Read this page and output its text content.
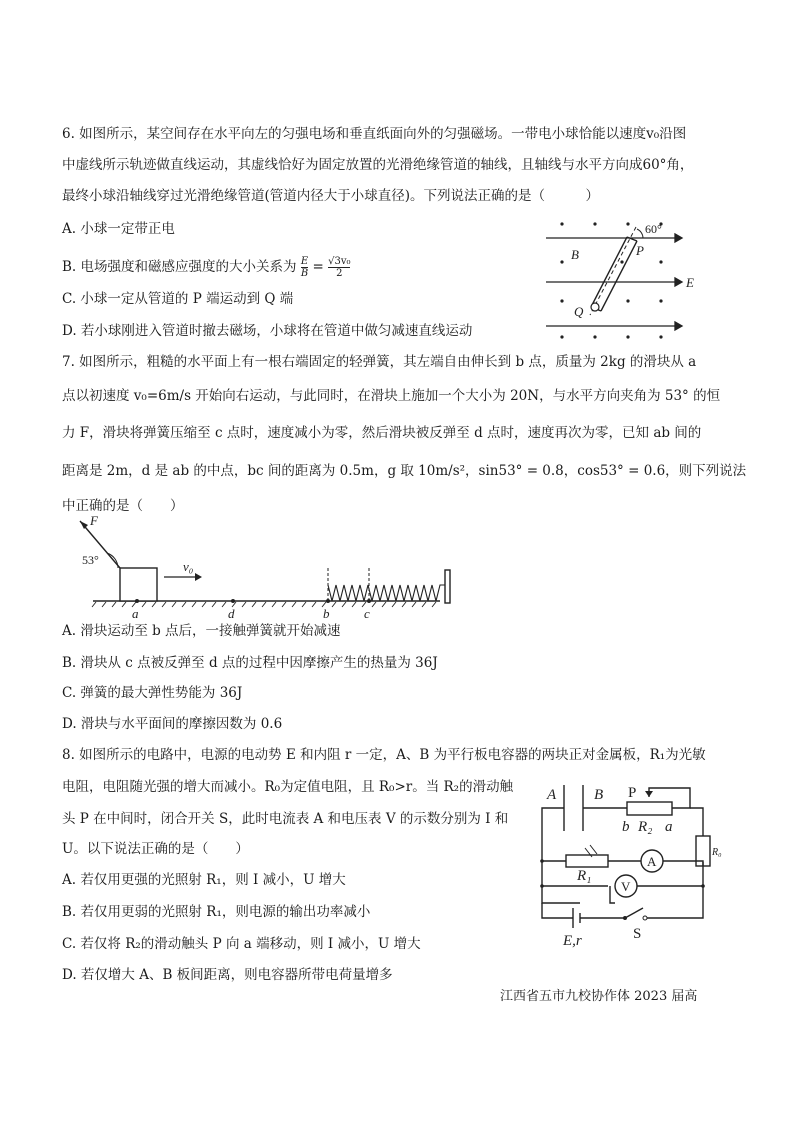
6. 如图所示，某空间存在水平向左的匀强电场和垂直纸面向外的匀强磁场。一带电小球恰能以速度v₀沿图
中虚线所示轨迹做直线运动，其虚线恰好为固定放置的光滑绝缘管道的轴线，且轴线与水平方向成60°角，
最终小球沿轴线穿过光滑绝缘管道(管道内径大于小球直径)。下列说法正确的是（　　　）
A. 小球一定带正电
B. 电场强度和磁感应强度的大小关系为 $\frac{E}{B} = \frac{\text{√3v₀}}{2}$
C. 小球一定从管道的 P 端运动到 Q 端
D. 若小球刚进入管道时撤去磁场，小球将在管道中做匀减速直线运动
60°
B	P
E
Q
7. 如图所示，粗糙的水平面上有一根右端固定的轻弹簧，其左端自由伸长到 b 点，质量为 2kg 的滑块从 a
点以初速度 v₀=6m/s 开始向右运动，与此同时，在滑块上施加一个大小为 20N，与水平方向夹角为 53° 的恒
力 F，滑块将弹簧压缩至 c 点时，速度减小为零，然后滑块被反弹至 d 点时，速度再次为零，已知 ab 间的
距离是 2m，d 是 ab 的中点，bc 间的距离为 0.5m，g 取 10m/s²，sin53° = 0.8，cos53° = 0.6，则下列说法
中正确的是（　　）
F
53°	v₀
a	d	b	c
A. 滑块运动至 b 点后，一接触弹簧就开始减速
B. 滑块从 c 点被反弹至 d 点的过程中因摩擦产生的热量为 36J
C. 弹簧的最大弹性势能为 36J
D. 滑块与水平面间的摩擦因数为 0.6
8. 如图所示的电路中，电源的电动势 E 和内阻 r 一定，A、B 为平行板电容器的两块正对金属板，R₁为光敏
电阻，电阻随光强的增大而减小。R₀为定值电阻，且 R₀>r。当 R₂的滑动触
头 P 在中间时，闭合开关 S，此时电流表 A 和电压表 V 的示数分别为 I 和
U。以下说法正确的是（　　）
A. 若仅用更强的光照射 R₁，则 I 减小，U 增大
B. 若仅用更弱的光照射 R₁，则电源的输出功率减小
C. 若仅将 R₂的滑动触头 P 向 a 端移动，则 I 减小，U 增大
D. 若仅增大 A、B 板间距离，则电容器所带电荷量增多
A	B P
b R₂ a
R₁
A
V
E,r	S
R₀
江西省五市九校协作体 2023 届高
